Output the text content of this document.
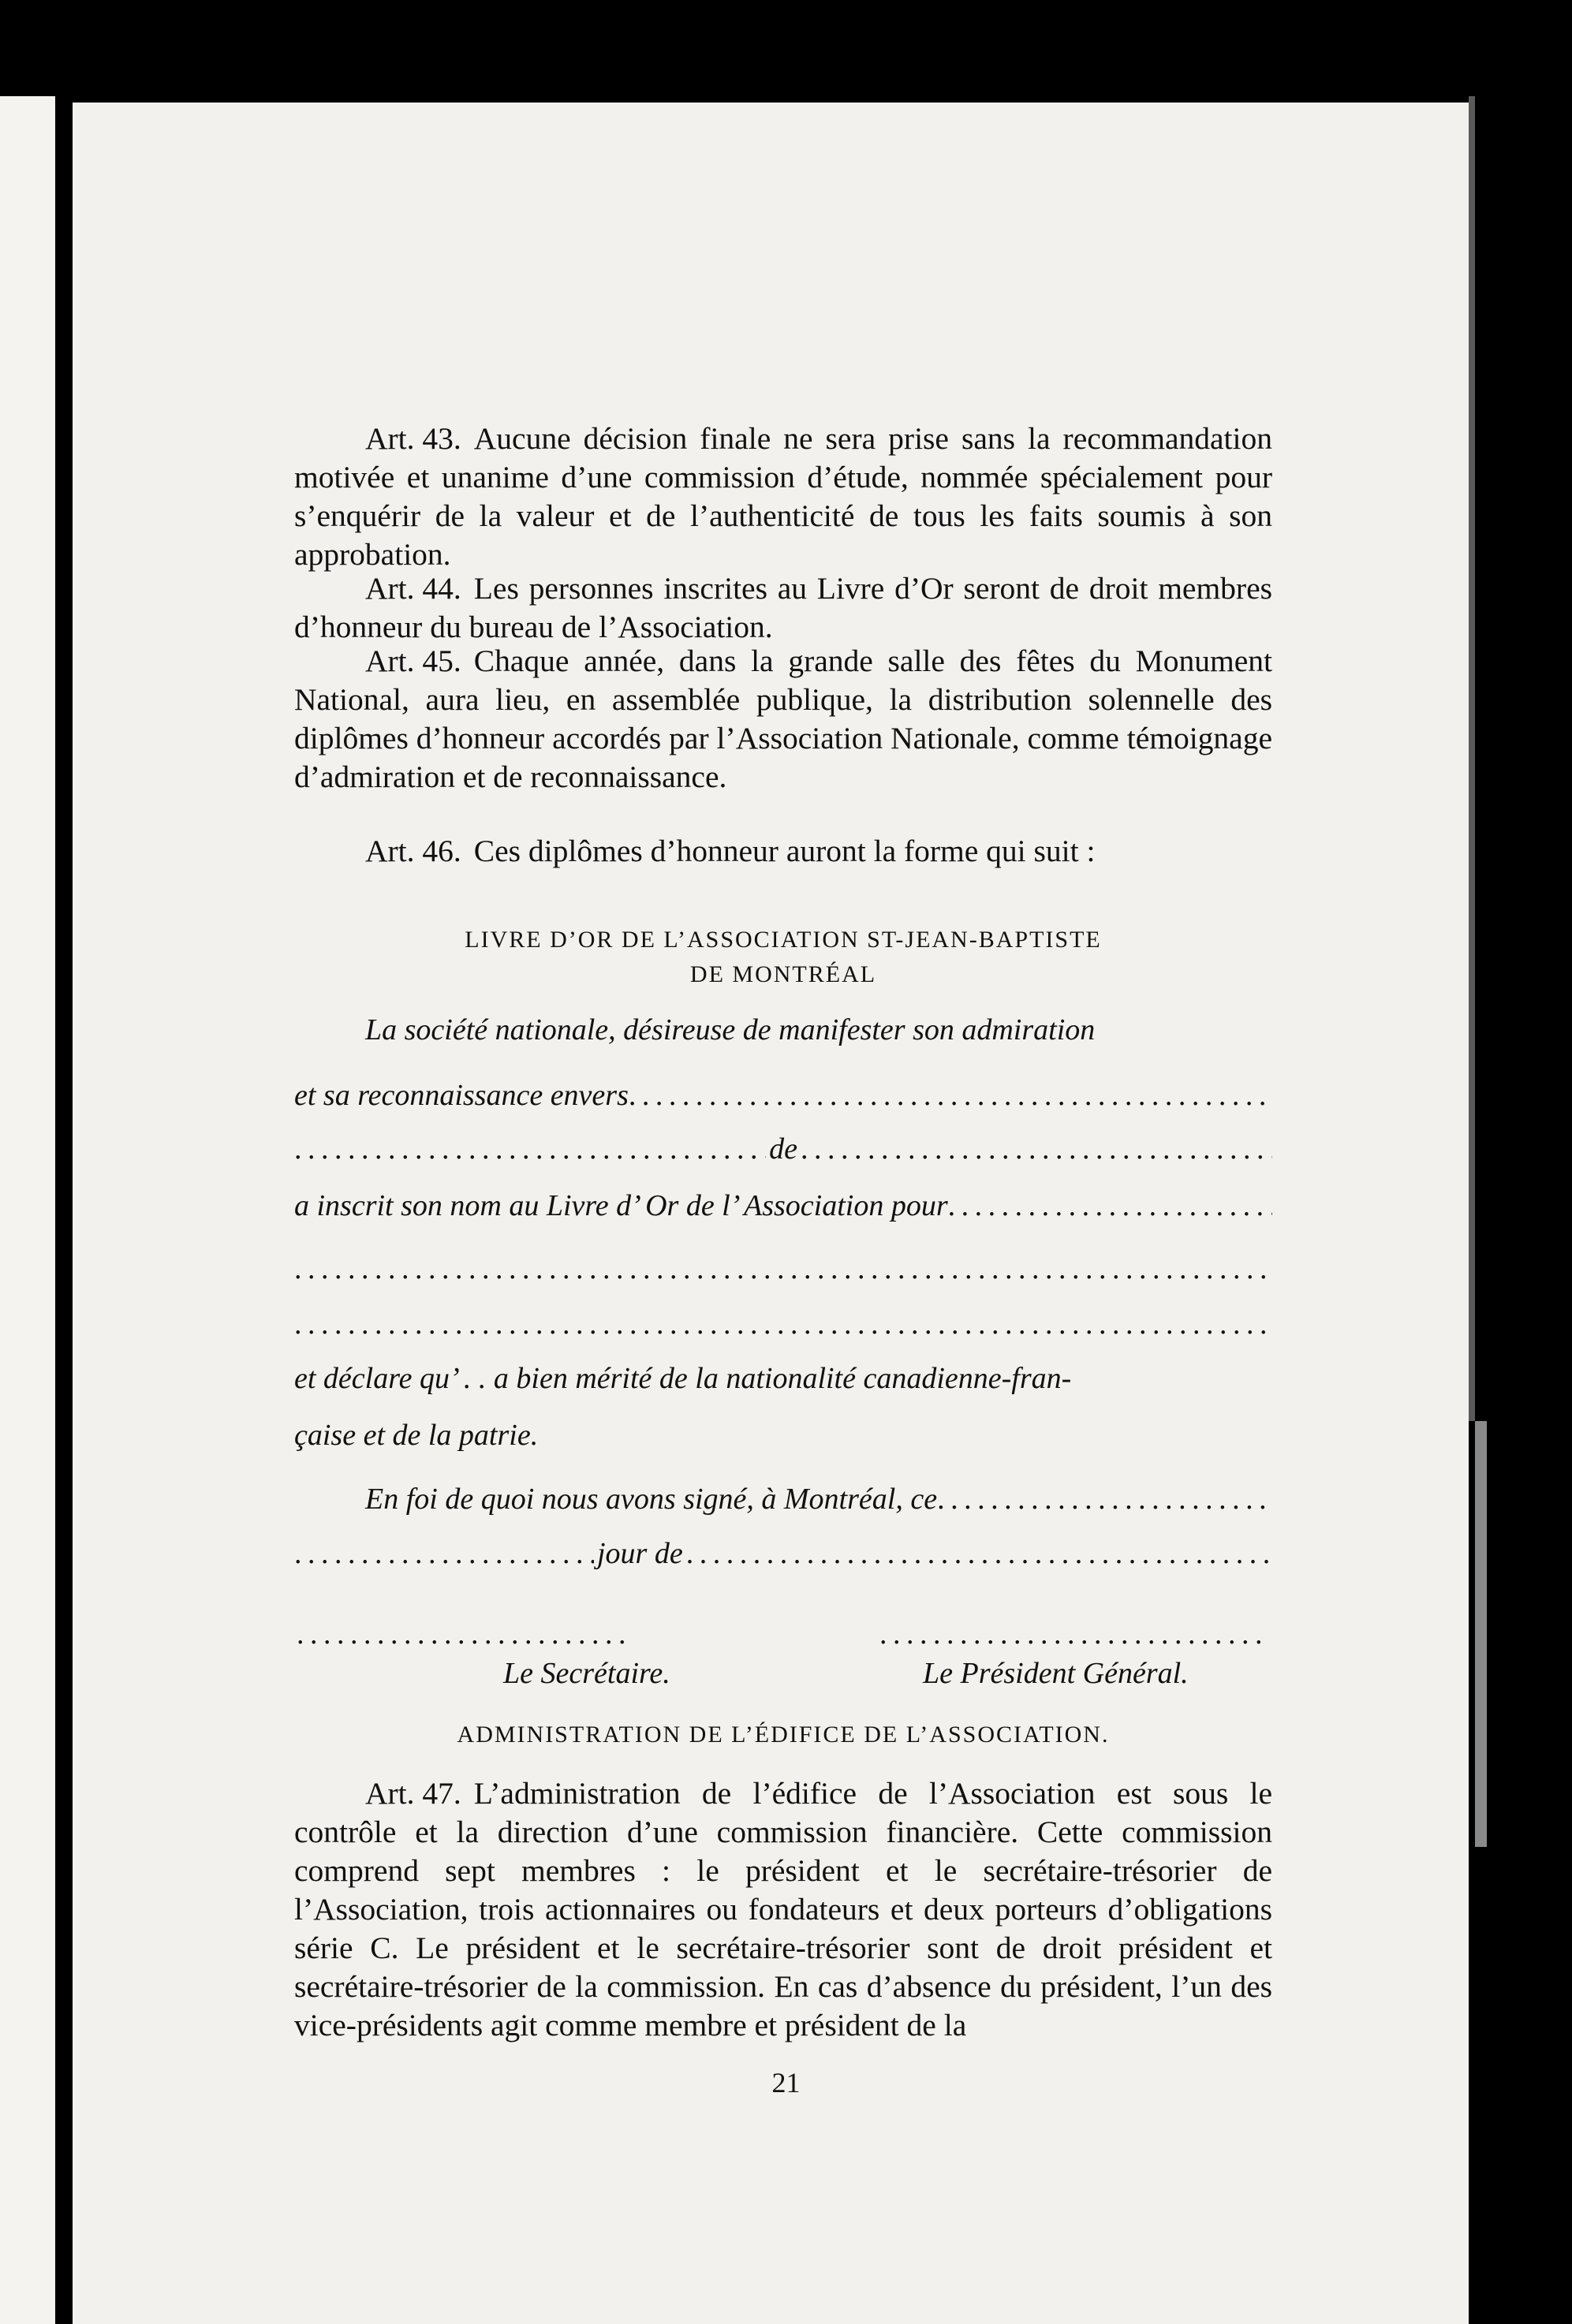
Art. 43. Aucune décision finale ne sera prise sans la recommandation motivée et unanime d’une commission d’étude, nommée spécialement pour s’enquérir de la valeur et de l’authenticité de tous les faits soumis à son approbation.

Art. 44. Les personnes inscrites au Livre d’Or seront de droit membres d’honneur du bureau de l’Association.

Art. 45. Chaque année, dans la grande salle des fêtes du Monument National, aura lieu, en assemblée publique, la distribution solennelle des diplômes d’honneur accordés par l’Association Nationale, comme témoignage d’admiration et de reconnaissance.

Art. 46. Ces diplômes d’honneur auront la forme qui suit :

LIVRE D’OR DE L’ASSOCIATION ST-JEAN-BAPTISTE
DE MONTRÉAL
La société nationale, désireuse de manifester son admiration
et sa reconnaissance envers
. . .
. . .
de
. . .
a inscrit son nom au Livre d’ Or de l’ Association pour
. . .
. . .
. . .
et déclare qu’ . . a bien mérité de la nationalité canadienne-fran-
çaise et de la patrie.
En foi de quoi nous avons signé, à Montréal, ce
. . .
. . .
jour de
. . .
. . .
. . .
Le Secrétaire.	Le Président Général.
ADMINISTRATION DE L’ÉDIFICE DE L’ASSOCIATION.

Art. 47. L’administration de l’édifice de l’Association est sous le contrôle et la direction d’une commission financière. Cette commission comprend sept membres : le président et le secrétaire-trésorier de l’Association, trois actionnaires ou fondateurs et deux porteurs d’obligations série C. Le président et le secrétaire-trésorier sont de droit président et secrétaire-trésorier de la commission. En cas d’absence du président, l’un des vice-présidents agit comme membre et président de la

21
